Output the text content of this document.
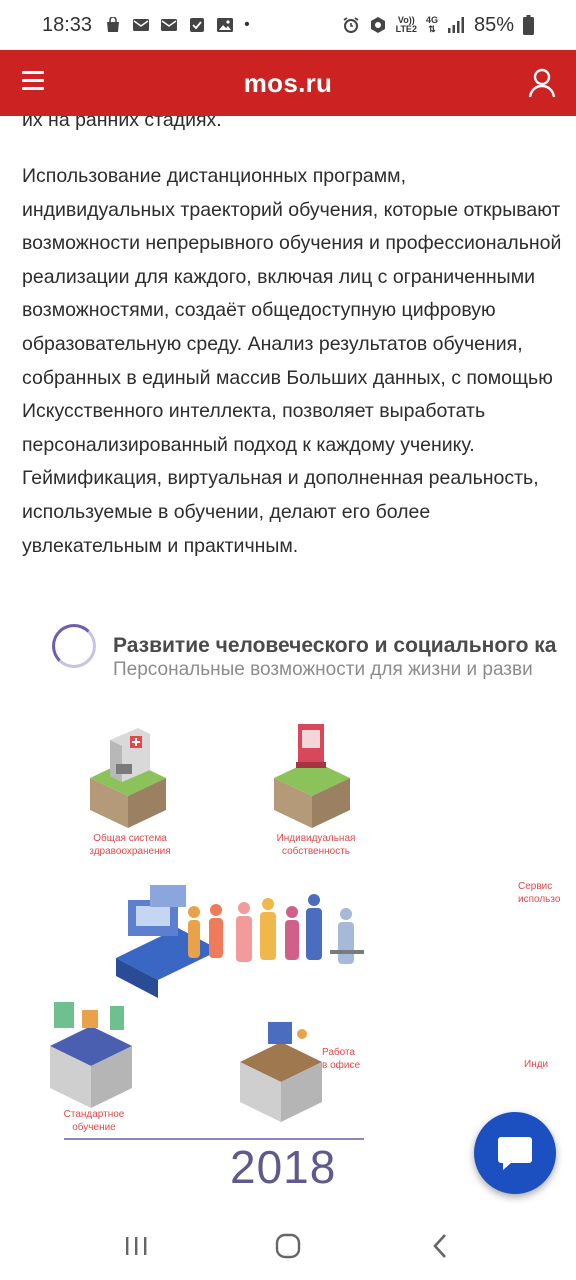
18:33	•	Vo))
LTE2
4G
⇅ 85%
mos.ru
их на ранних стадиях.

Использование дистанционных программ, индивидуальных траекторий обучения, которые открывают возможности непрерывного обучения и профессиональной реализации для каждого, включая лиц с ограниченными возможностями, создаёт общедоступную цифровую образовательную среду. Анализ результатов обучения, собранных в единый массив Больших данных, с помощью Искусственного интеллекта, позволяет выработать персонализированный подход к каждому ученику. Геймификация, виртуальная и дополненная реальность, используемые в обучении, делают его более увлекательным и практичным.

Развитие человеческого и социального ка
Персональные возможности для жизни и разви
Общая система
здравоохранения
Индивидуальная
собственность
Сервис
использо
Стандартное
обучение
Работа
в офисе	Инди
2018
